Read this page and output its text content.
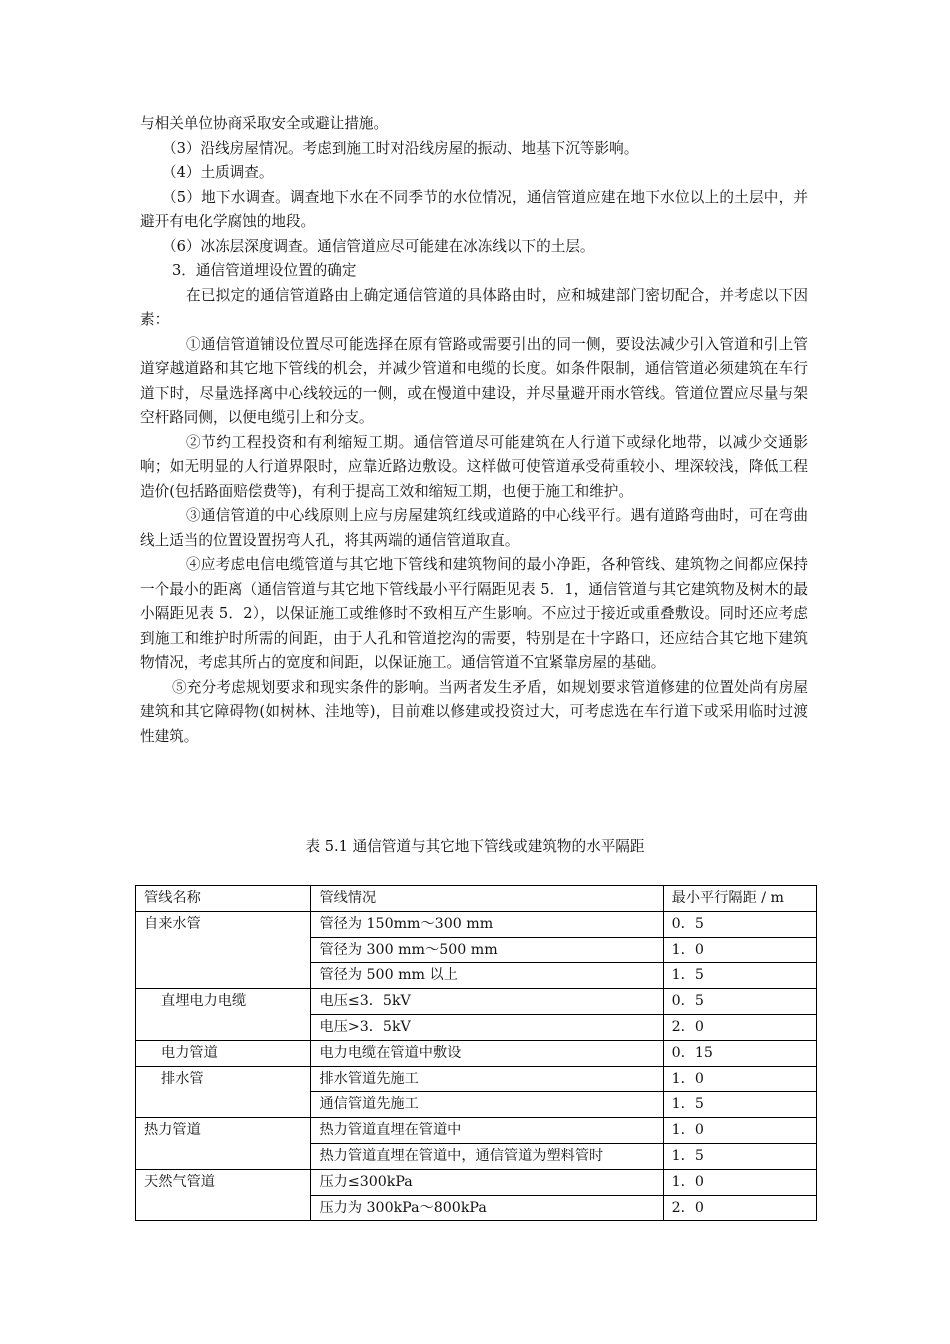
与相关单位协商采取安全或避让措施。

（3）沿线房屋情况。考虑到施工时对沿线房屋的振动、地基下沉等影响。

（4）土质调查。

（5）地下水调查。调查地下水在不同季节的水位情况，通信管道应建在地下水位以上的土层中，并避开有电化学腐蚀的地段。

（6）冰冻层深度调查。通信管道应尽可能建在冰冻线以下的土层。

3．通信管道埋设位置的确定

在已拟定的通信管道路由上确定通信管道的具体路由时，应和城建部门密切配合，并考虑以下因素：

①通信管道铺设位置尽可能选择在原有管路或需要引出的同一侧，要设法减少引入管道和引上管道穿越道路和其它地下管线的机会，并减少管道和电缆的长度。如条件限制，通信管道必须建筑在车行道下时，尽量选择离中心线较远的一侧，或在慢道中建设，并尽量避开雨水管线。管道位置应尽量与架空杆路同侧，以便电缆引上和分支。

②节约工程投资和有利缩短工期。通信管道尽可能建筑在人行道下或绿化地带，以减少交通影响；如无明显的人行道界限时，应靠近路边敷设。这样做可使管道承受荷重较小、埋深较浅，降低工程造价(包括路面赔偿费等)，有利于提高工效和缩短工期，也便于施工和维护。

③通信管道的中心线原则上应与房屋建筑红线或道路的中心线平行。遇有道路弯曲时，可在弯曲线上适当的位置设置拐弯人孔，将其两端的通信管道取直。

④应考虑电信电缆管道与其它地下管线和建筑物间的最小净距，各种管线、建筑物之间都应保持一个最小的距离（通信管道与其它地下管线最小平行隔距见表 5．1，通信管道与其它建筑物及树木的最小隔距见表 5．2），以保证施工或维修时不致相互产生影响。不应过于接近或重叠敷设。同时还应考虑到施工和维护时所需的间距，由于人孔和管道挖沟的需要，特别是在十字路口，还应结合其它地下建筑物情况，考虑其所占的宽度和间距，以保证施工。通信管道不宜紧靠房屋的基础。

⑤充分考虑规划要求和现实条件的影响。当两者发生矛盾，如规划要求管道修建的位置处尚有房屋建筑和其它障碍物(如树林、洼地等)，目前难以修建或投资过大，可考虑选在车行道下或采用临时过渡性建筑。

表 5.1 通信管道与其它地下管线或建筑物的水平隔距
管线名称	管线情况	最小平行隔距 / m
自来水管	管径为 150mm～300 mm	0．5
	管径为 300 mm～500 mm	1．0
	管径为 500 mm 以上	1．5
直埋电力电缆	电压≤3．5kV	0．5
	电压>3．5kV	2．0
电力管道	电力电缆在管道中敷设	0．15
排水管	排水管道先施工	1．0
	通信管道先施工	1．5
热力管道	热力管道直埋在管道中	1．0
	热力管道直埋在管道中，通信管道为塑料管时	1．5
天然气管道	压力≤300kPa	1．0
	压力为 300kPa～800kPa	2．0
